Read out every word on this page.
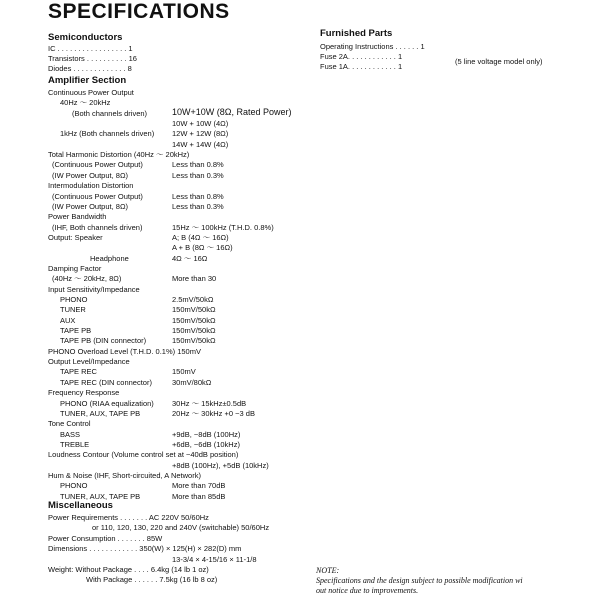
SPECIFICATIONS
Semiconductors
IC . . . . . . . . . . . . . . . . . 1
Transistors . . . . . . . . . . 16
Diodes . . . . . . . . . . . . . 8
Furnished Parts
Operating Instructions . . . . . . 1
Fuse 2A. . . . . . . . . . . . 1
Fuse 1A. . . . . . . . . . . . 1
(5 line voltage model only)
Amplifier Section
Continuous Power Output
40Hz ～ 20kHz
(Both channels driven)	10W+10W (8Ω, Rated Power)
10W + 10W (4Ω)
1kHz (Both channels driven) 12W + 12W (8Ω)
14W + 14W (4Ω)
Total Harmonic Distortion (40Hz ～ 20kHz)
(Continuous Power Output)	Less than 0.8%
(IW Power Output, 8Ω)	Less than 0.3%
Intermodulation Distortion
(Continuous Power Output)	Less than 0.8%
(IW Power Output, 8Ω)	Less than 0.3%
Power Bandwidth
(IHF, Both channels driven)	15Hz ～ 100kHz (T.H.D. 0.8%)
Output: Speaker	A; B (4Ω ～ 16Ω)
A + B (8Ω ～ 16Ω)
Headphone	4Ω ～ 16Ω
Damping Factor
(40Hz ～ 20kHz, 8Ω)	More than 30
Input Sensitivity/Impedance
PHONO	2.5mV/50kΩ
TUNER	150mV/50kΩ
AUX	150mV/50kΩ
TAPE PB	150mV/50kΩ
TAPE PB (DIN connector)	150mV/50kΩ
PHONO Overload Level (T.H.D. 0.1%) 150mV
Output Level/Impedance
TAPE REC	150mV
TAPE REC (DIN connector)	30mV/80kΩ
Frequency Response
PHONO (RIAA equalization) 30Hz ～ 15kHz±0.5dB
TUNER, AUX, TAPE PB	20Hz ～ 30kHz +0 −3 dB
Tone Control
BASS	+9dB, −8dB (100Hz)
TREBLE	+6dB, −6dB (10kHz)
Loudness Contour (Volume control set at −40dB position)
+8dB (100Hz), +5dB (10kHz)
Hum & Noise (IHF, Short-circuited, A Network)
PHONO	More than 70dB
TUNER, AUX, TAPE PB	More than 85dB
Miscellaneous
Power Requirements . . . . . . . AC 220V 50/60Hz
or 110, 120, 130, 220 and 240V (switchable) 50/60Hz
Power Consumption . . . . . . . 85W
Dimensions . . . . . . . . . . . . 350(W) × 125(H) × 282(D) mm
13-3/4 × 4-15/16 × 11-1/8
Weight: Without Package . . . . 6.4kg (14 lb 1 oz)
With Package . . . . . . 7.5kg (16 lb 8 oz)
NOTE:
Specifications and the design subject to possible modification wi
out notice due to improvements.
